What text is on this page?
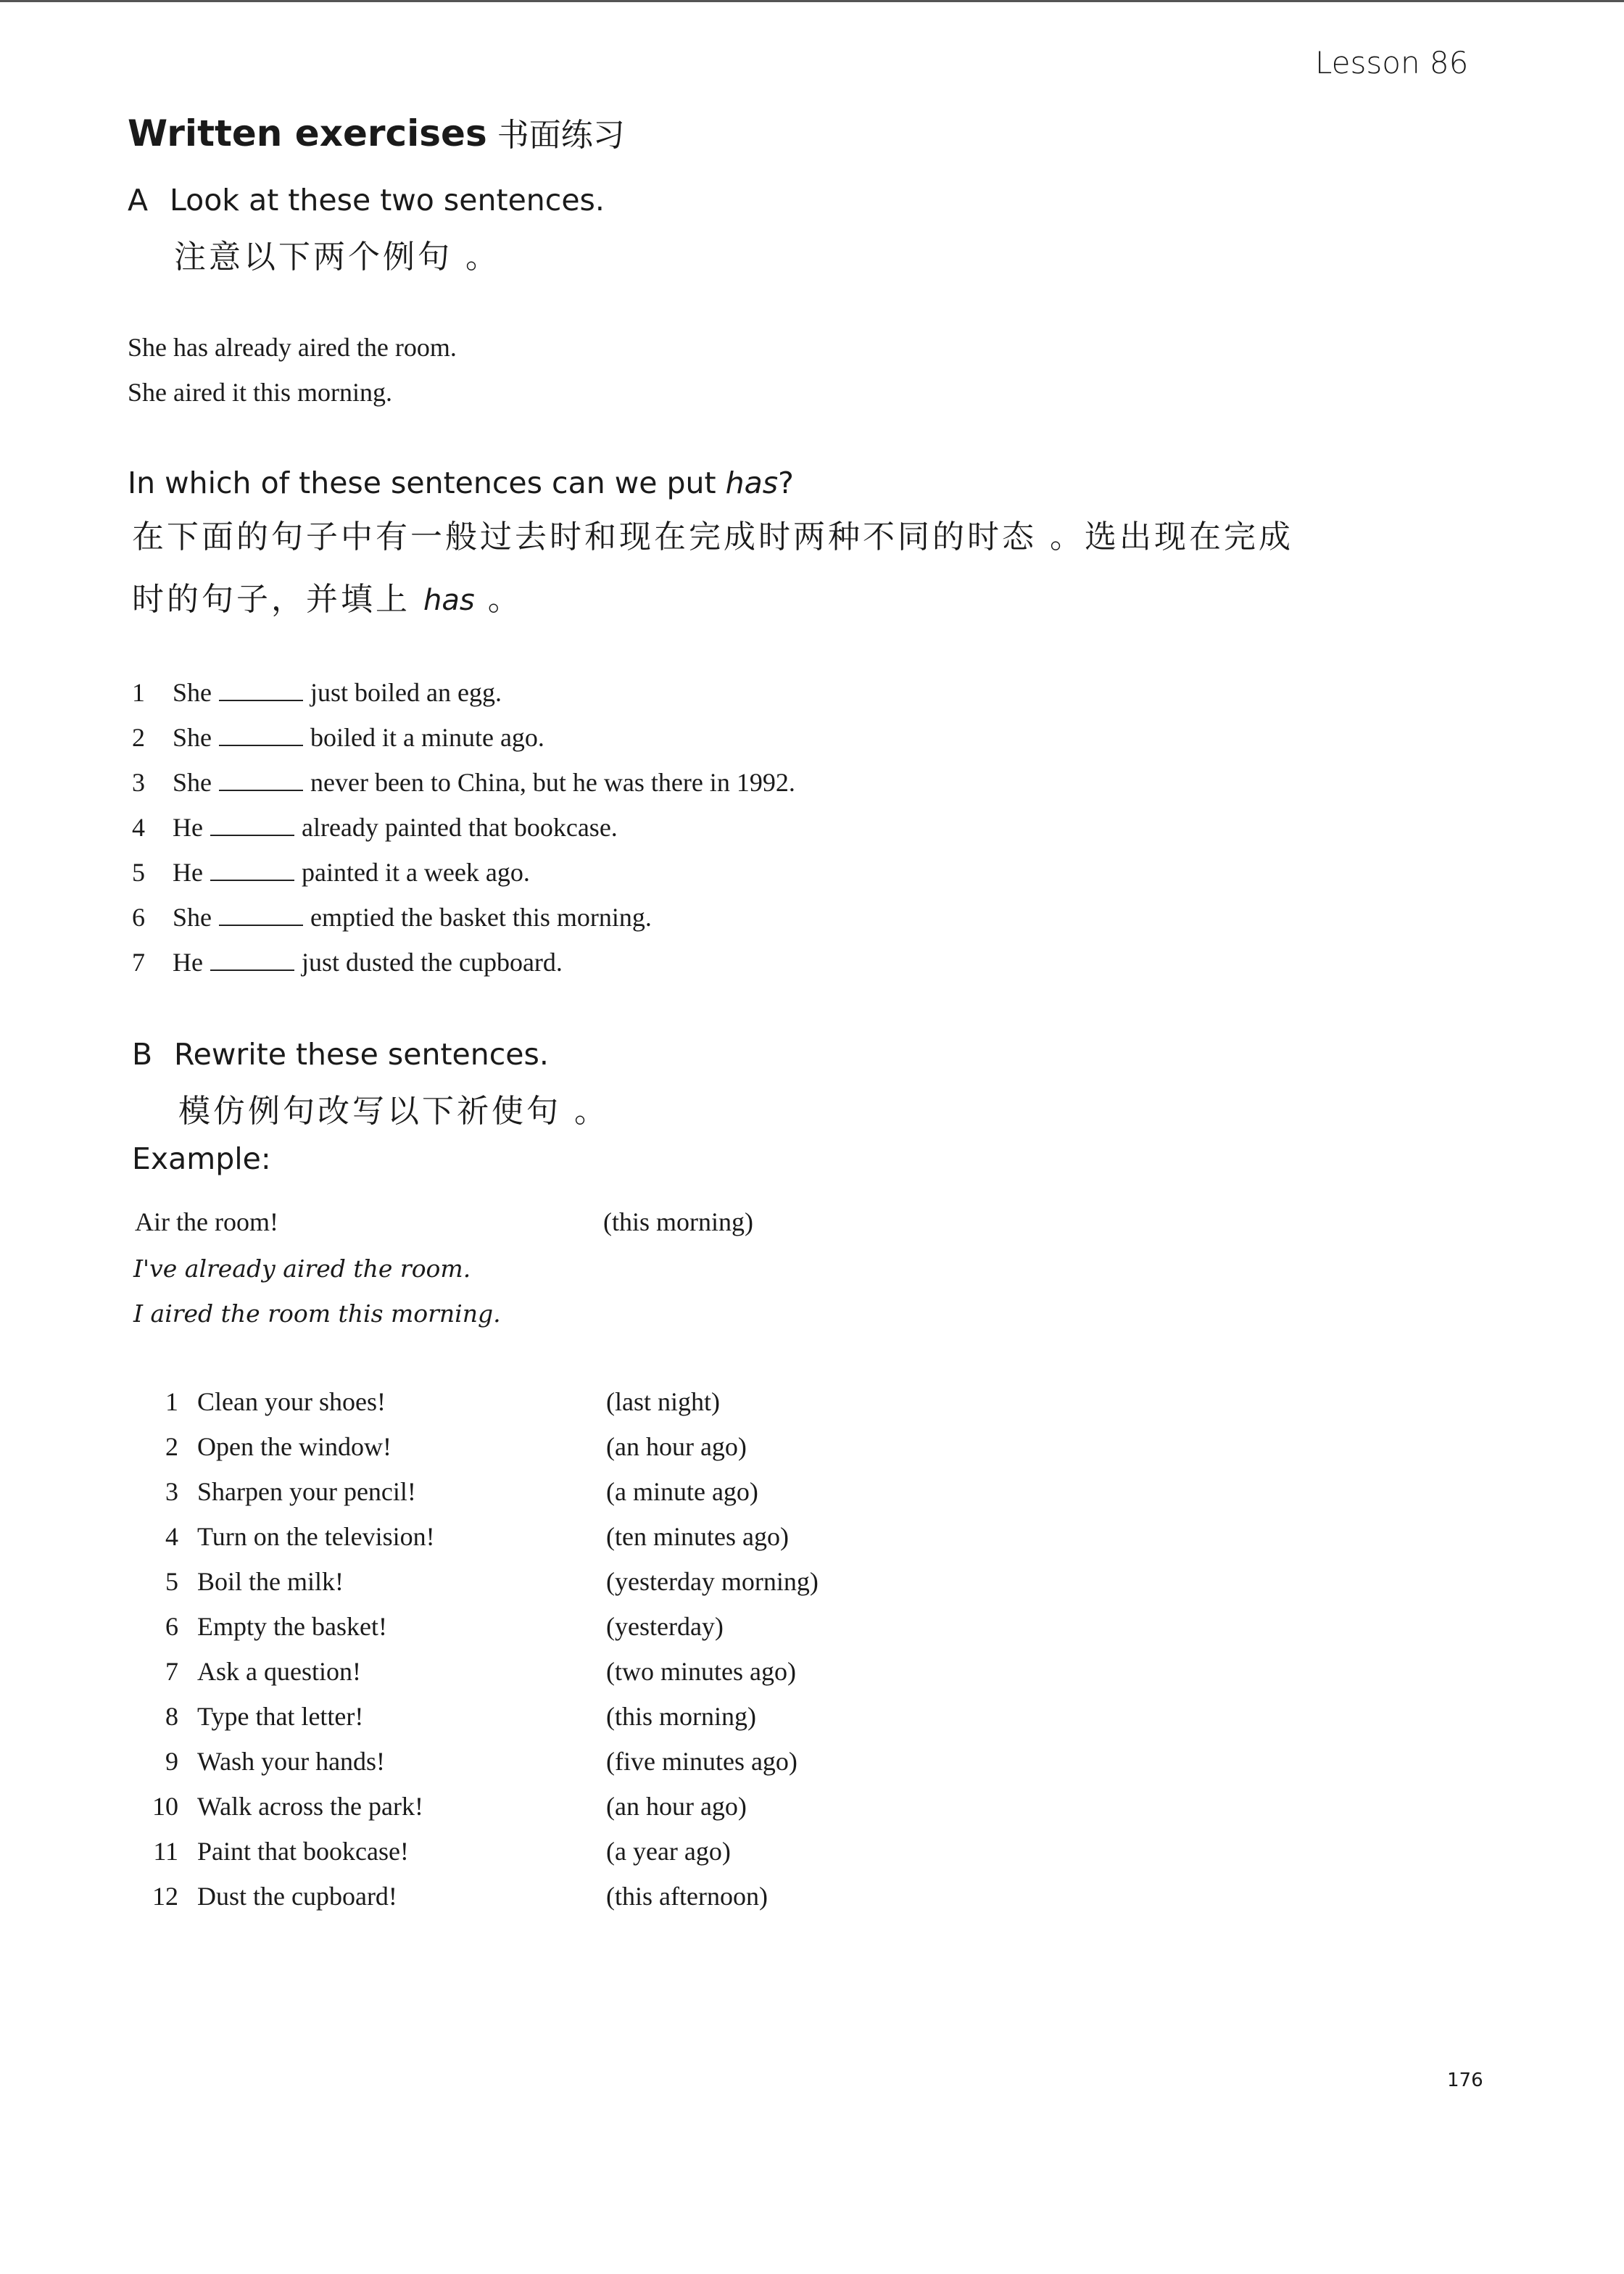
Lesson 86
Written exercises 书面练习
A Look at these two sentences.
注意以下两个例句 。
She has already aired the room.
She aired it this morning.
In which of these sentences can we put has?
在下面的句子中有一般过去时和现在完成时两种不同的时态 。选出现在完成
时的句子，并填上 has 。
1 She	just boiled an egg.
2 She	boiled it a minute ago.
3 She	never been to China, but he was there in 1992.
4 He	already painted that bookcase.
5 He	painted it a week ago.
6 She	emptied the basket this morning.
7 He	just dusted the cupboard.
B Rewrite these sentences.
模仿例句改写以下祈使句 。
Example:
Air the room!	(this morning)
I've already aired the room.
I aired the room this morning.
1 Clean your shoes!	(last night)
2 Open the window!	(an hour ago)
3 Sharpen your pencil!	(a minute ago)
4 Turn on the television!	(ten minutes ago)
5 Boil the milk!	(yesterday morning)
6 Empty the basket!	(yesterday)
7 Ask a question!	(two minutes ago)
8 Type that letter!	(this morning)
9 Wash your hands!	(five minutes ago)
10 Walk across the park!	(an hour ago)
11 Paint that bookcase!	(a year ago)
12 Dust the cupboard!	(this afternoon)
176
